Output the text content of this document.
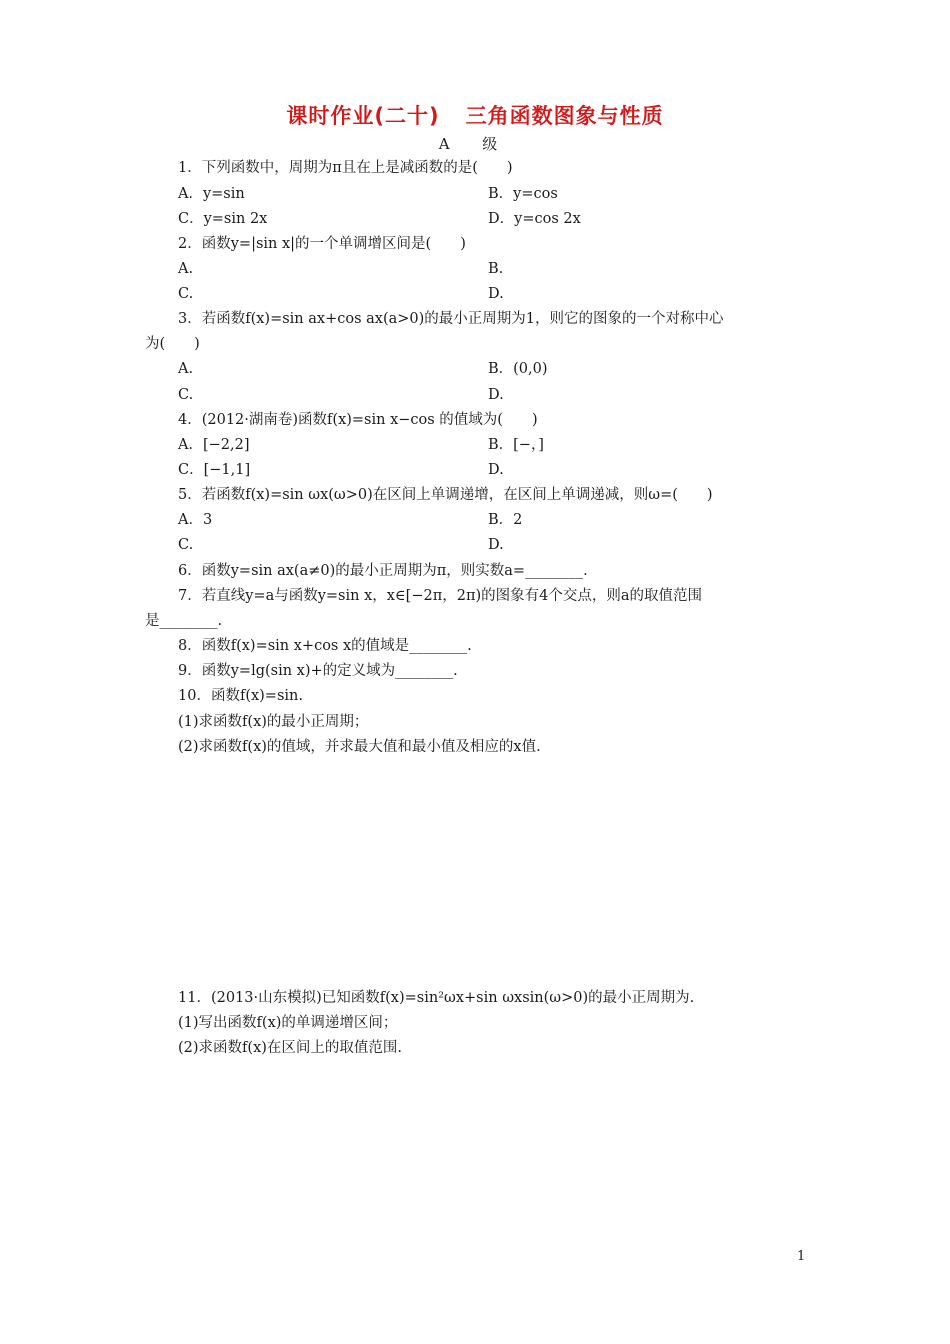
课时作业(二十) 三角函数图象与性质
A 级
1．下列函数中，周期为π且在上是减函数的是(　　)
A．y=sin	B．y=cos
C．y=sin 2x	D．y=cos 2x
2．函数y=|sin x|的一个单调增区间是(　　)
A.	B.
C.	D.
3．若函数f(x)=sin ax+cos ax(a>0)的最小正周期为1，则它的图象的一个对称中心
为(　　)
A.	B．(0,0)
C.	D.
4．(2012·湖南卷)函数f(x)=sin x−cos 的值域为(　　)
A．[−2,2]	B．[−，]
C．[−1,1]	D.
5．若函数f(x)=sin ωx(ω>0)在区间上单调递增，在区间上单调递减，则ω=(　　)
A．3	B．2
C.	D.
6．函数y=sin ax(a≠0)的最小正周期为π，则实数a=________.
7．若直线y=a与函数y=sin x，x∈[−2π，2π)的图象有4个交点，则a的取值范围
是________.
8．函数f(x)=sin x+cos x的值域是________.
9．函数y=lg(sin x)+的定义域为________.
10．函数f(x)=sin.
(1)求函数f(x)的最小正周期；
(2)求函数f(x)的值域，并求最大值和最小值及相应的x值.
11．(2013·山东模拟)已知函数f(x)=sin²ωx+sin ωxsin(ω>0)的最小正周期为.
(1)写出函数f(x)的单调递增区间；
(2)求函数f(x)在区间上的取值范围.
1
